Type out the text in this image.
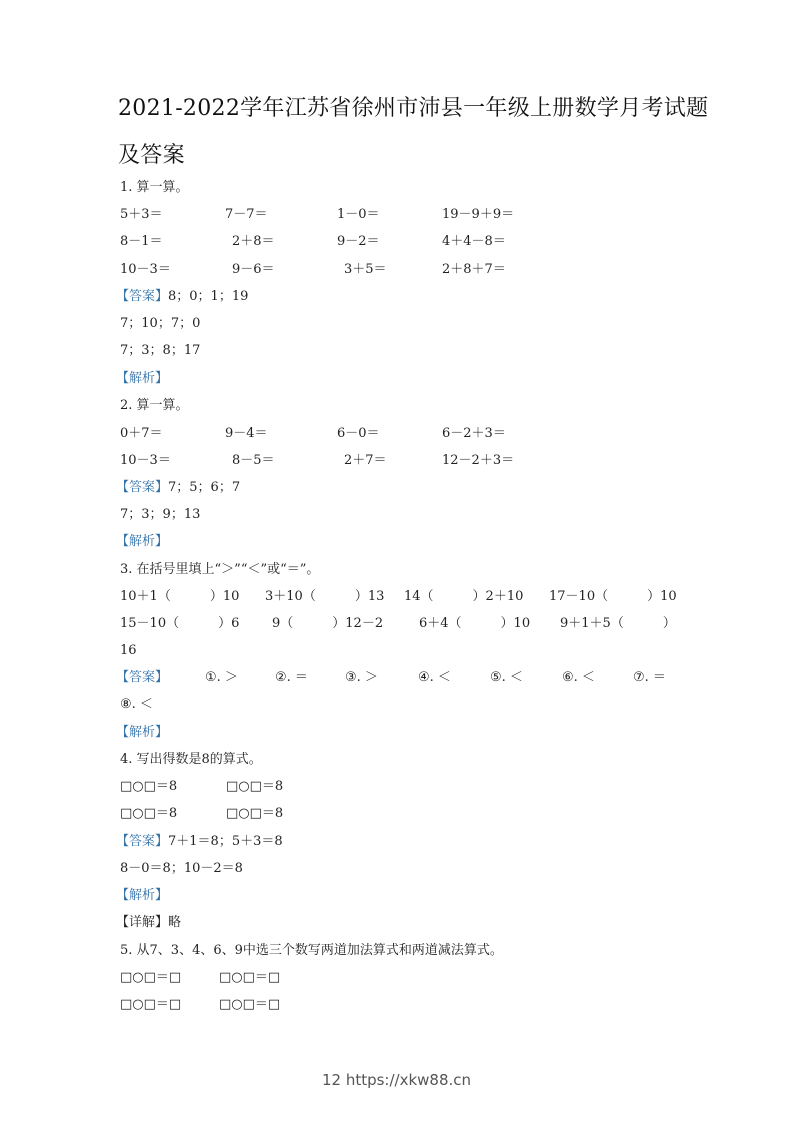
2021-2022学年江苏省徐州市沛县一年级上册数学月考试题
及答案
1. 算一算。
5＋3＝	7－7＝	1－0＝	19－9＋9＝
8－1＝	2＋8＝	9－2＝	4＋4－8＝
10－3＝	9－6＝	3＋5＝	2＋8＋7＝
【答案】8；0；1；19
7；10；7；0
7；3；8；17
【解析】
2. 算一算。
0＋7＝	9－4＝	6－0＝	6－2＋3＝
10－3＝	8－5＝	2＋7＝	12－2＋3＝
【答案】7；5；6；7
7；3；9；13
【解析】
3. 在括号里填上“＞”“＜”或“＝”。
10＋1（　　　）10 3＋10（　　　）13 14（　　　）2＋10 17－10（　　　）10
15－10（　　　）6	9（　　　）12－2	6＋4（　　　）10 9＋1＋5（　　　）
16
【答案】	①. ＞	②. ＝	③. ＞	④. ＜	⑤. ＜	⑥. ＜	⑦. ＝
⑧. ＜
【解析】
4. 写出得数是8的算式。
□○□＝8	□○□＝8
□○□＝8	□○□＝8
【答案】7＋1＝8；5＋3＝8
8－0＝8；10－2＝8
【解析】
【详解】略
5. 从7、3、4、6、9中选三个数写两道加法算式和两道减法算式。
□○□＝□	□○□＝□
□○□＝□	□○□＝□
12 https://xkw88.cn
